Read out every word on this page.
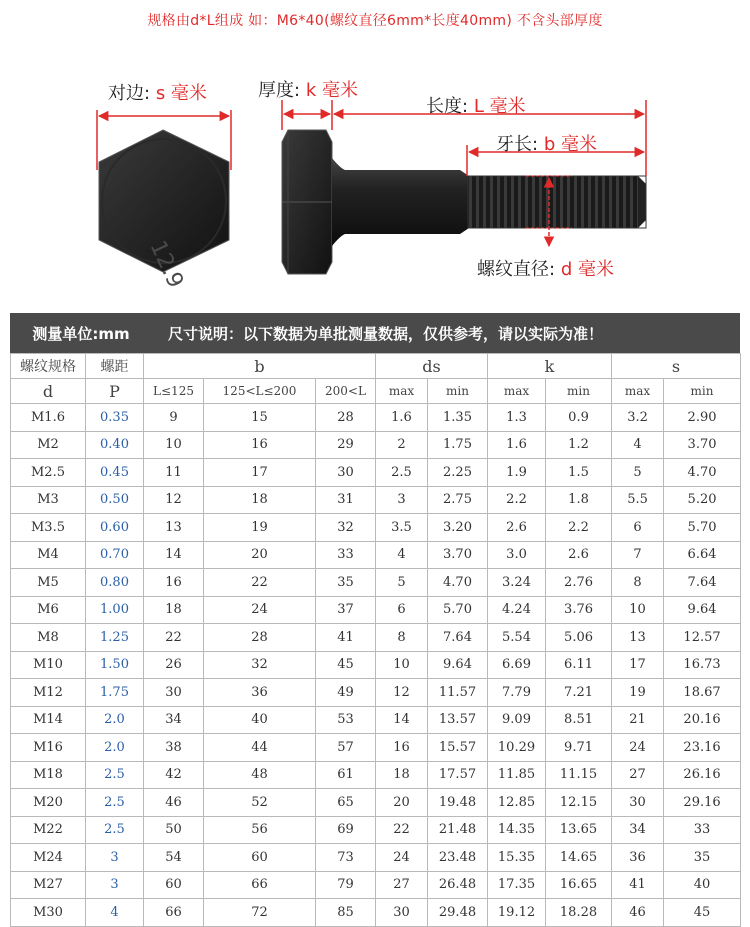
规格由d*L组成 如：M6*40(螺纹直径6mm*长度40mm) 不含头部厚度
12.9
对边: s 毫米	厚度: k 毫米
长度: L 毫米
牙长: b 毫米
螺纹直径: d 毫米
测量单位:mm	尺寸说明：以下数据为单批测量数据，仅供参考，请以实际为准！
螺纹规格	螺距	b			ds		k		s	
d	P	L≤125	125<L≤200	200<L	max	min	max	min	max	min
M1.6	0.35	9	15	28	1.6	1.35	1.3	0.9	3.2	2.90
M2	0.40	10	16	29	2	1.75	1.6	1.2	4	3.70
M2.5	0.45	11	17	30	2.5	2.25	1.9	1.5	5	4.70
M3	0.50	12	18	31	3	2.75	2.2	1.8	5.5	5.20
M3.5	0.60	13	19	32	3.5	3.20	2.6	2.2	6	5.70
M4	0.70	14	20	33	4	3.70	3.0	2.6	7	6.64
M5	0.80	16	22	35	5	4.70	3.24	2.76	8	7.64
M6	1.00	18	24	37	6	5.70	4.24	3.76	10	9.64
M8	1.25	22	28	41	8	7.64	5.54	5.06	13	12.57
M10	1.50	26	32	45	10	9.64	6.69	6.11	17	16.73
M12	1.75	30	36	49	12	11.57	7.79	7.21	19	18.67
M14	2.0	34	40	53	14	13.57	9.09	8.51	21	20.16
M16	2.0	38	44	57	16	15.57	10.29	9.71	24	23.16
M18	2.5	42	48	61	18	17.57	11.85	11.15	27	26.16
M20	2.5	46	52	65	20	19.48	12.85	12.15	30	29.16
M22	2.5	50	56	69	22	21.48	14.35	13.65	34	33
M24	3	54	60	73	24	23.48	15.35	14.65	36	35
M27	3	60	66	79	27	26.48	17.35	16.65	41	40
M30	4	66	72	85	30	29.48	19.12	18.28	46	45
